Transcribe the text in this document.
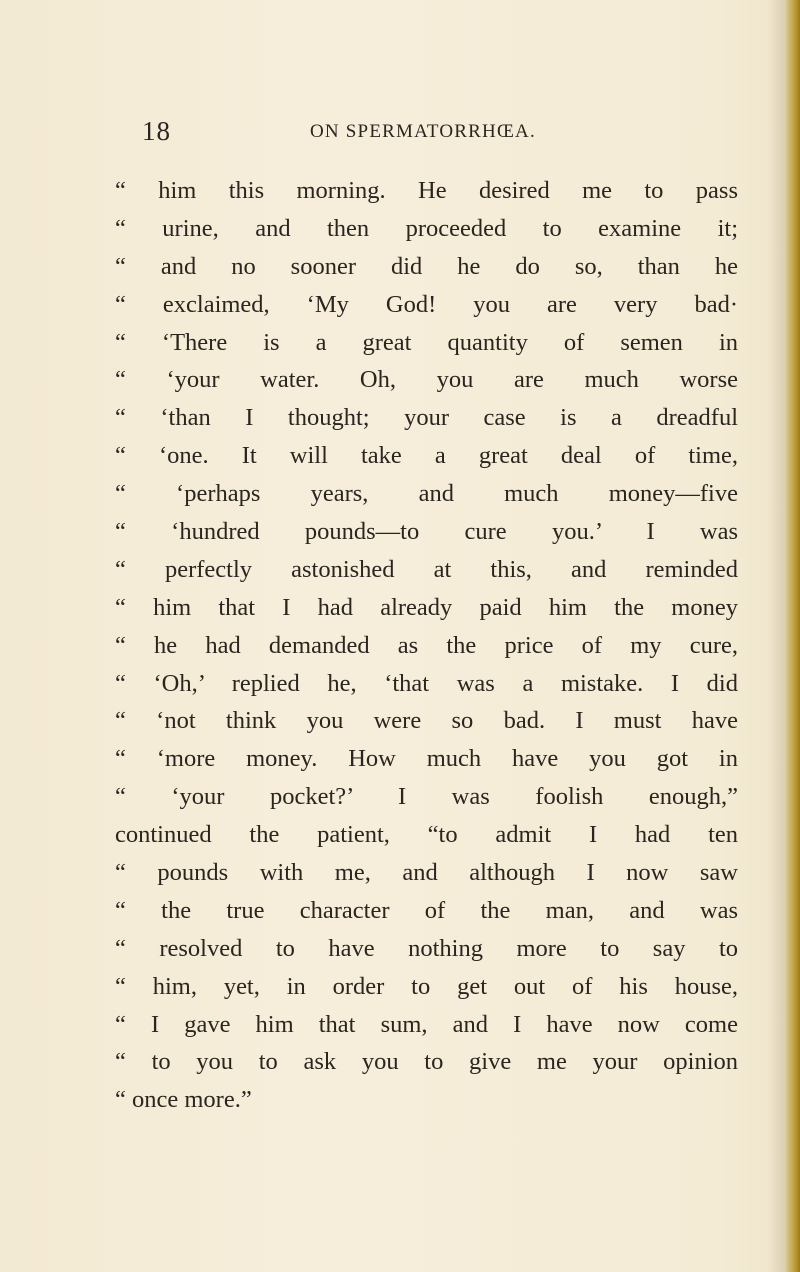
18	ON SPERMATORRHŒA.
“ him this morning. He desired me to pass
“ urine, and then proceeded to examine it;
“ and no sooner did he do so, than he
“ exclaimed, ‘My God! you are very bad·
“ ‘There is a great quantity of semen in
“ ‘your water. Oh, you are much worse
“ ‘than I thought; your case is a dreadful
“ ‘one. It will take a great deal of time,
“ ‘perhaps years, and much money—five
“ ‘hundred pounds—to cure you.’ I was
“ perfectly astonished at this, and reminded
“ him that I had already paid him the money
“ he had demanded as the price of my cure,
“ ‘Oh,’ replied he, ‘that was a mistake. I did
“ ‘not think you were so bad. I must have
“ ‘more money. How much have you got in
“ ‘your pocket?’ I was foolish enough,”
continued the patient, “to admit I had ten
“ pounds with me, and although I now saw
“ the true character of the man, and was
“ resolved to have nothing more to say to
“ him, yet, in order to get out of his house,
“ I gave him that sum, and I have now come
“ to you to ask you to give me your opinion
“ once more.”
